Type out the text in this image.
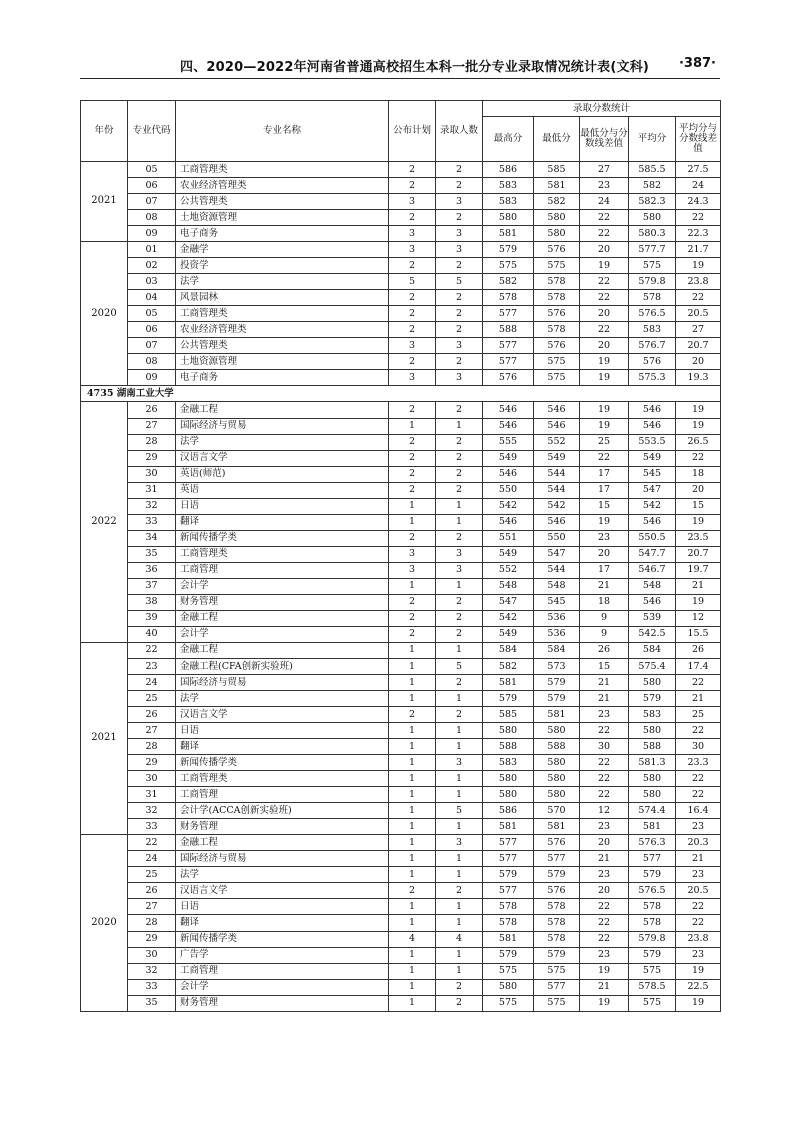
四、2020—2022年河南省普通高校招生本科一批分专业录取情况统计表(文科) ·387·
年份	专业代码	专业名称	公布计划	录取人数	录取分数统计				
					最高分	最低分	最低分与分数线差值	平均分	平均分与分数线差值
2021	05	工商管理类	2	2	586	585	27	585.5	27.5
	06	农业经济管理类	2	2	583	581	23	582	24
	07	公共管理类	3	3	583	582	24	582.3	24.3
	08	土地资源管理	2	2	580	580	22	580	22
	09	电子商务	3	3	581	580	22	580.3	22.3
2020	01	金融学	3	3	579	576	20	577.7	21.7
	02	投资学	2	2	575	575	19	575	19
	03	法学	5	5	582	578	22	579.8	23.8
	04	风景园林	2	2	578	578	22	578	22
	05	工商管理类	2	2	577	576	20	576.5	20.5
	06	农业经济管理类	2	2	588	578	22	583	27
	07	公共管理类	3	3	577	576	20	576.7	20.7
	08	土地资源管理	2	2	577	575	19	576	20
	09	电子商务	3	3	576	575	19	575.3	19.3
4735 湖南工业大学									
2022	26	金融工程	2	2	546	546	19	546	19
	27	国际经济与贸易	1	1	546	546	19	546	19
	28	法学	2	2	555	552	25	553.5	26.5
	29	汉语言文学	2	2	549	549	22	549	22
	30	英语(师范)	2	2	546	544	17	545	18
	31	英语	2	2	550	544	17	547	20
	32	日语	1	1	542	542	15	542	15
	33	翻译	1	1	546	546	19	546	19
	34	新闻传播学类	2	2	551	550	23	550.5	23.5
	35	工商管理类	3	3	549	547	20	547.7	20.7
	36	工商管理	3	3	552	544	17	546.7	19.7
	37	会计学	1	1	548	548	21	548	21
	38	财务管理	2	2	547	545	18	546	19
	39	金融工程	2	2	542	536	9	539	12
	40	会计学	2	2	549	536	9	542.5	15.5
2021	22	金融工程	1	1	584	584	26	584	26
	23	金融工程(CFA创新实验班)	1	5	582	573	15	575.4	17.4
	24	国际经济与贸易	1	2	581	579	21	580	22
	25	法学	1	1	579	579	21	579	21
	26	汉语言文学	2	2	585	581	23	583	25
	27	日语	1	1	580	580	22	580	22
	28	翻译	1	1	588	588	30	588	30
	29	新闻传播学类	1	3	583	580	22	581.3	23.3
	30	工商管理类	1	1	580	580	22	580	22
	31	工商管理	1	1	580	580	22	580	22
	32	会计学(ACCA创新实验班)	1	5	586	570	12	574.4	16.4
	33	财务管理	1	1	581	581	23	581	23
2020	22	金融工程	1	3	577	576	20	576.3	20.3
	24	国际经济与贸易	1	1	577	577	21	577	21
	25	法学	1	1	579	579	23	579	23
	26	汉语言文学	2	2	577	576	20	576.5	20.5
	27	日语	1	1	578	578	22	578	22
	28	翻译	1	1	578	578	22	578	22
	29	新闻传播学类	4	4	581	578	22	579.8	23.8
	30	广告学	1	1	579	579	23	579	23
	32	工商管理	1	1	575	575	19	575	19
	33	会计学	1	2	580	577	21	578.5	22.5
	35	财务管理	1	2	575	575	19	575	19
